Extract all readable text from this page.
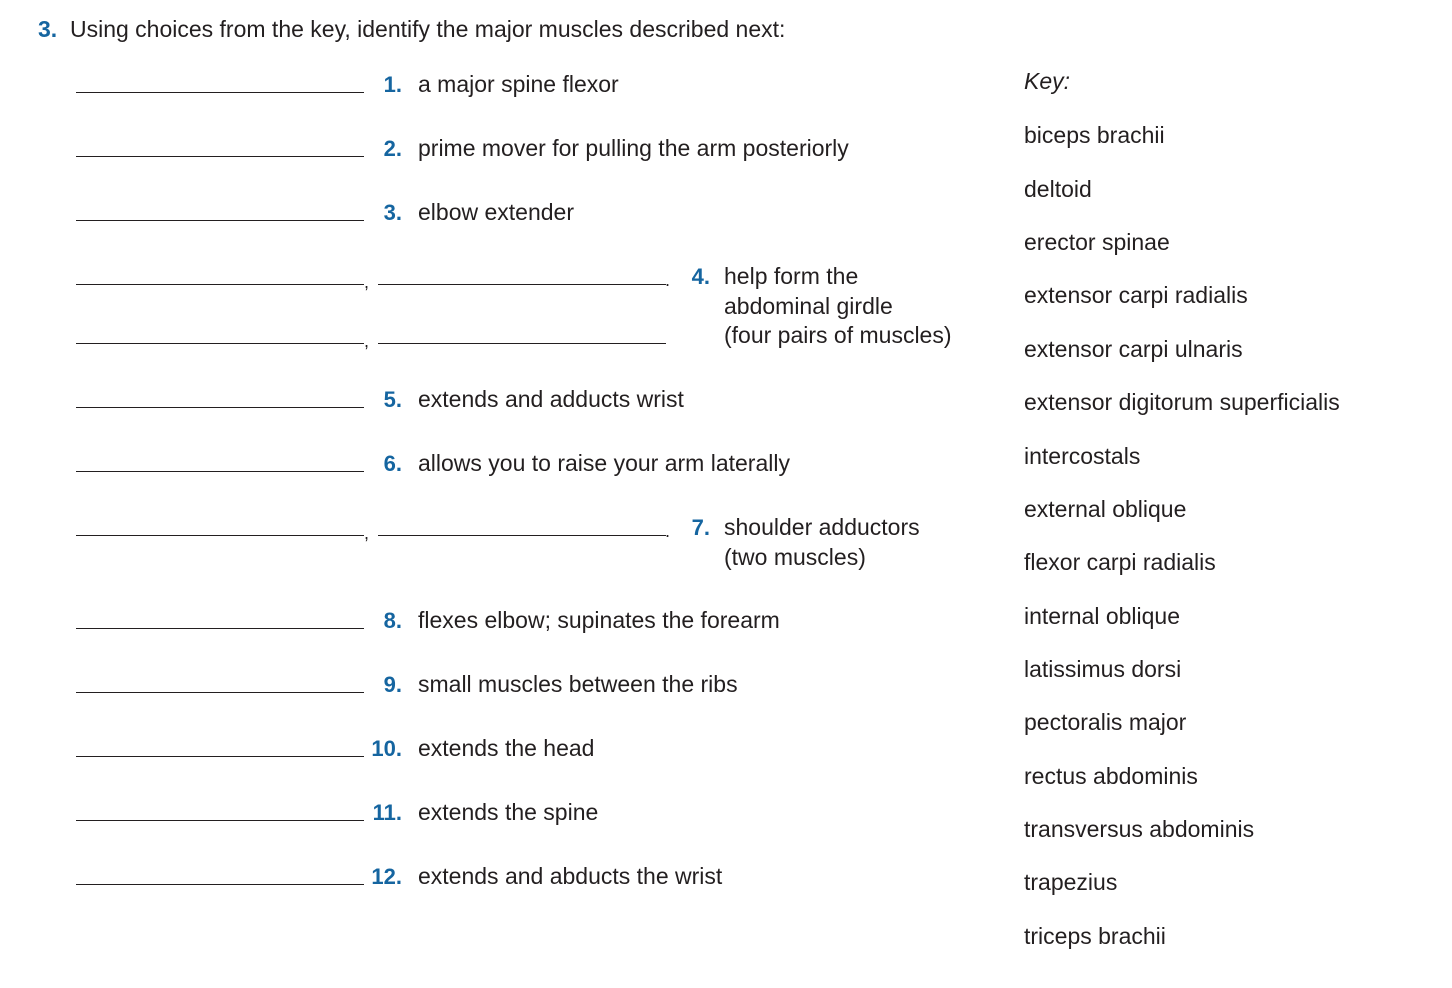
3. Using choices from the key, identify the major muscles described next:
1. a major spine flexor
2. prime mover for pulling the arm posteriorly
3. elbow extender
,	.
,
4. help form the
abdominal girdle
(four pairs of muscles)
5. extends and adducts wrist
6. allows you to raise your arm laterally
,	. 7. shoulder adductors
(two muscles)
8. flexes elbow; supinates the forearm
9. small muscles between the ribs
10. extends the head
11. extends the spine
12. extends and abducts the wrist
Key:
biceps brachii
deltoid
erector spinae
extensor carpi radialis
extensor carpi ulnaris
extensor digitorum superficialis
intercostals
external oblique
flexor carpi radialis
internal oblique
latissimus dorsi
pectoralis major
rectus abdominis
transversus abdominis
trapezius
triceps brachii
